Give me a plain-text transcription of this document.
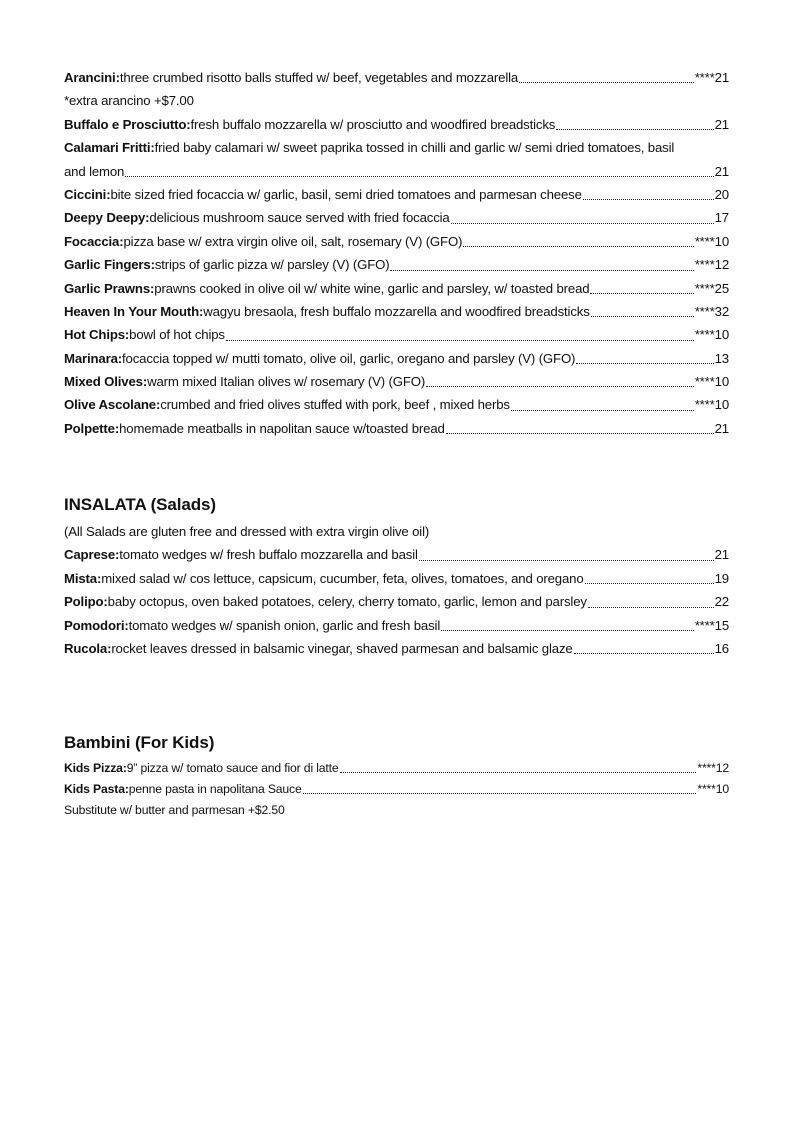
Arancini: three crumbed risotto balls stuffed w/ beef, vegetables and mozzarella	****21
*extra arancino +$7.00
Buffalo e Prosciutto: fresh buffalo mozzarella w/ prosciutto and woodfired breadsticks	21
Calamari Fritti: fried baby calamari w/ sweet paprika tossed in chilli and garlic w/ semi dried tomatoes, basil
and lemon	21
Ciccini: bite sized fried focaccia w/ garlic, basil, semi dried tomatoes and parmesan cheese	20
Deepy Deepy: delicious mushroom sauce served with fried focaccia	17
Focaccia: pizza base w/ extra virgin olive oil, salt, rosemary (V) (GFO)	****10
Garlic Fingers: strips of garlic pizza w/ parsley (V) (GFO)	****12
Garlic Prawns: prawns cooked in olive oil w/ white wine, garlic and parsley, w/ toasted bread	****25
Heaven In Your Mouth: wagyu bresaola, fresh buffalo mozzarella and woodfired breadsticks	****32
Hot Chips: bowl of hot chips	****10
Marinara: focaccia topped w/ mutti tomato, olive oil, garlic, oregano and parsley (V) (GFO)	13
Mixed Olives: warm mixed Italian olives w/ rosemary (V) (GFO)	****10
Olive Ascolane: crumbed and fried olives stuffed with pork, beef , mixed herbs	****10
Polpette: homemade meatballs in napolitan sauce w/toasted bread	21
INSALATA (Salads)
(All Salads are gluten free and dressed with extra virgin olive oil)
Caprese: tomato wedges w/ fresh buffalo mozzarella and basil	21
Mista: mixed salad w/ cos lettuce, capsicum, cucumber, feta, olives, tomatoes, and oregano	19
Polipo: baby octopus, oven baked potatoes, celery, cherry tomato, garlic, lemon and parsley	22
Pomodori: tomato wedges w/ spanish onion, garlic and fresh basil	****15
Rucola: rocket leaves dressed in balsamic vinegar, shaved parmesan and balsamic glaze	16
Bambini (For Kids)
Kids Pizza: 9” pizza w/ tomato sauce and fior di latte	****12
Kids Pasta: penne pasta in napolitana Sauce	****10
Substitute w/ butter and parmesan +$2.50
